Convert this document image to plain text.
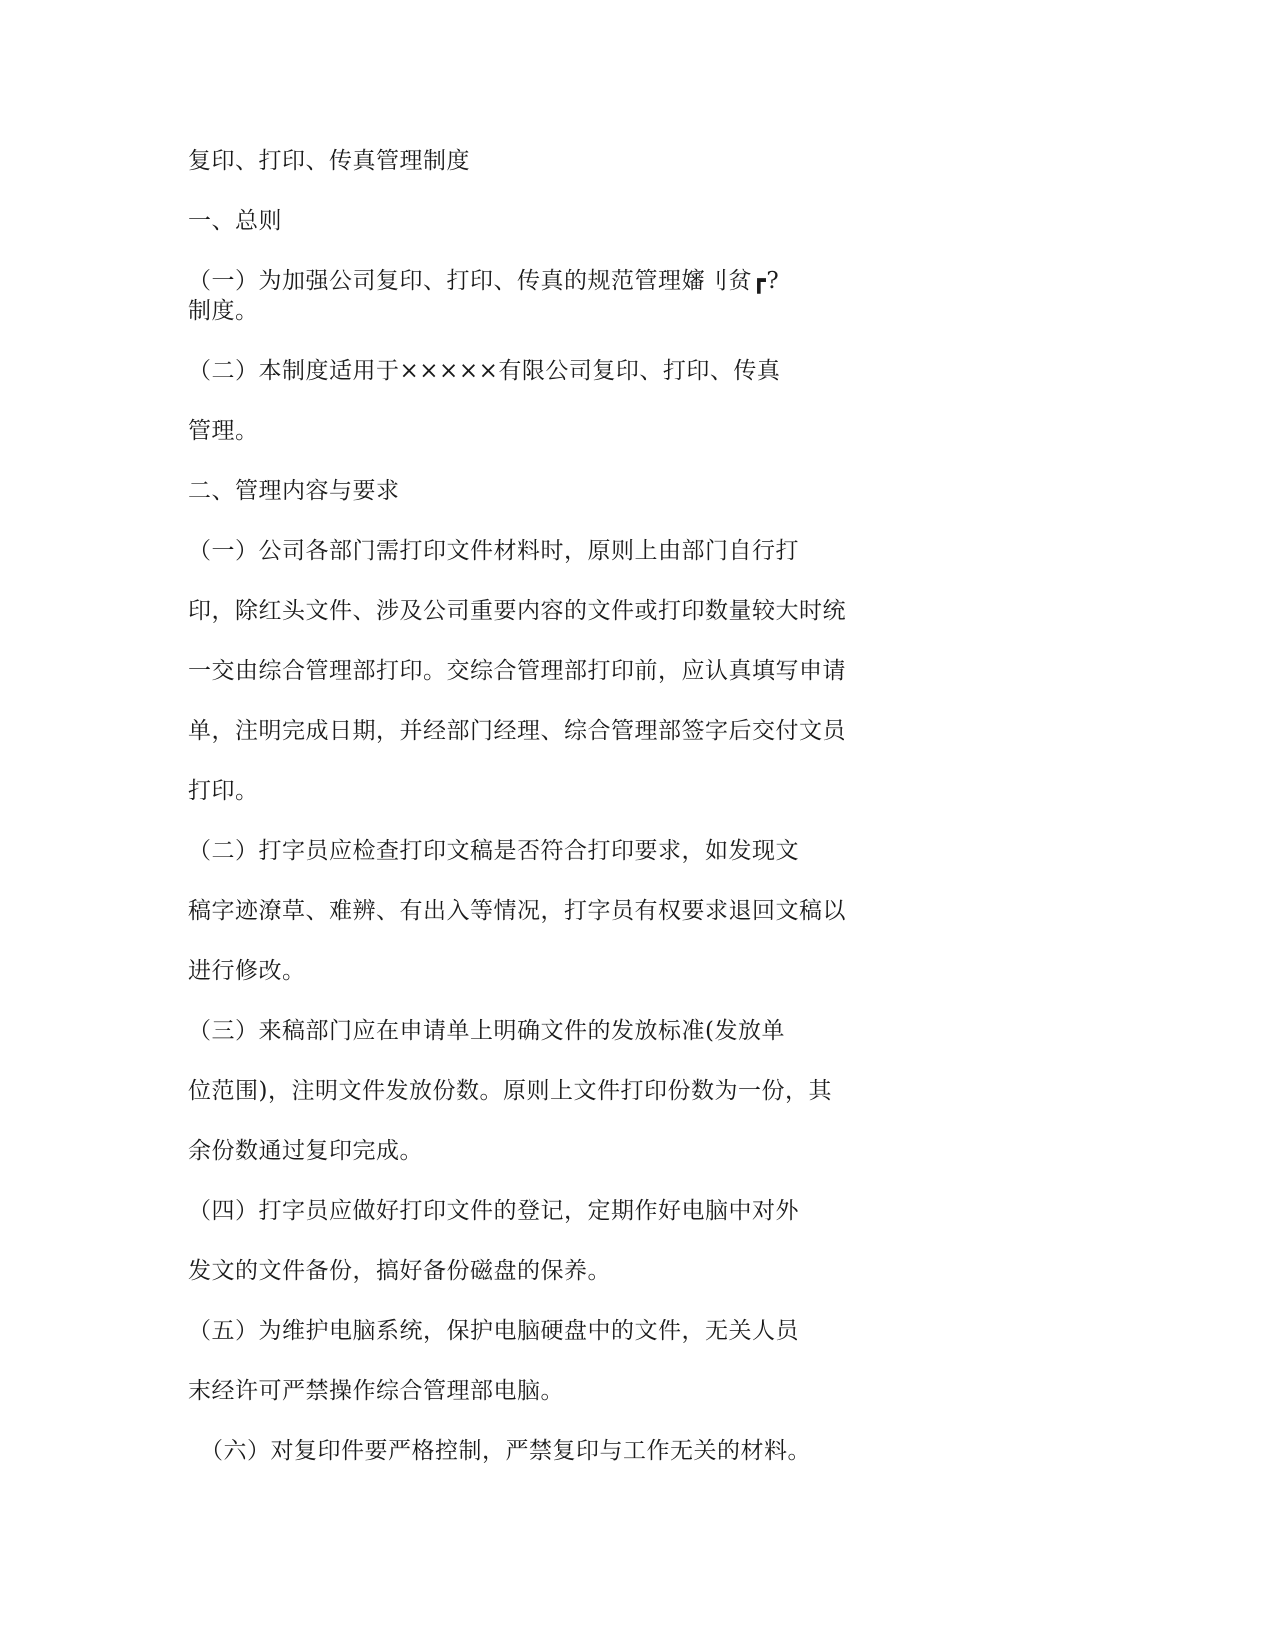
复印、打印、传真管理制度
一、总则
（一）为加强公司复印、打印、传真的规范管理嬸刂贫┏?
制度。
（二）本制度适用于×××××有限公司复印、打印、传真
管理。
二、管理内容与要求
（一）公司各部门需打印文件材料时，原则上由部门自行打
印，除红头文件、涉及公司重要内容的文件或打印数量较大时统
一交由综合管理部打印。交综合管理部打印前，应认真填写申请
单，注明完成日期，并经部门经理、综合管理部签字后交付文员
打印。
（二）打字员应检查打印文稿是否符合打印要求，如发现文
稿字迹潦草、难辨、有出入等情况，打字员有权要求退回文稿以
进行修改。
（三）来稿部门应在申请单上明确文件的发放标准(发放单
位范围)，注明文件发放份数。原则上文件打印份数为一份，其
余份数通过复印完成。
（四）打字员应做好打印文件的登记，定期作好电脑中对外
发文的文件备份，搞好备份磁盘的保养。
（五）为维护电脑系统，保护电脑硬盘中的文件，无关人员
末经许可严禁操作综合管理部电脑。
（六）对复印件要严格控制，严禁复印与工作无关的材料。
